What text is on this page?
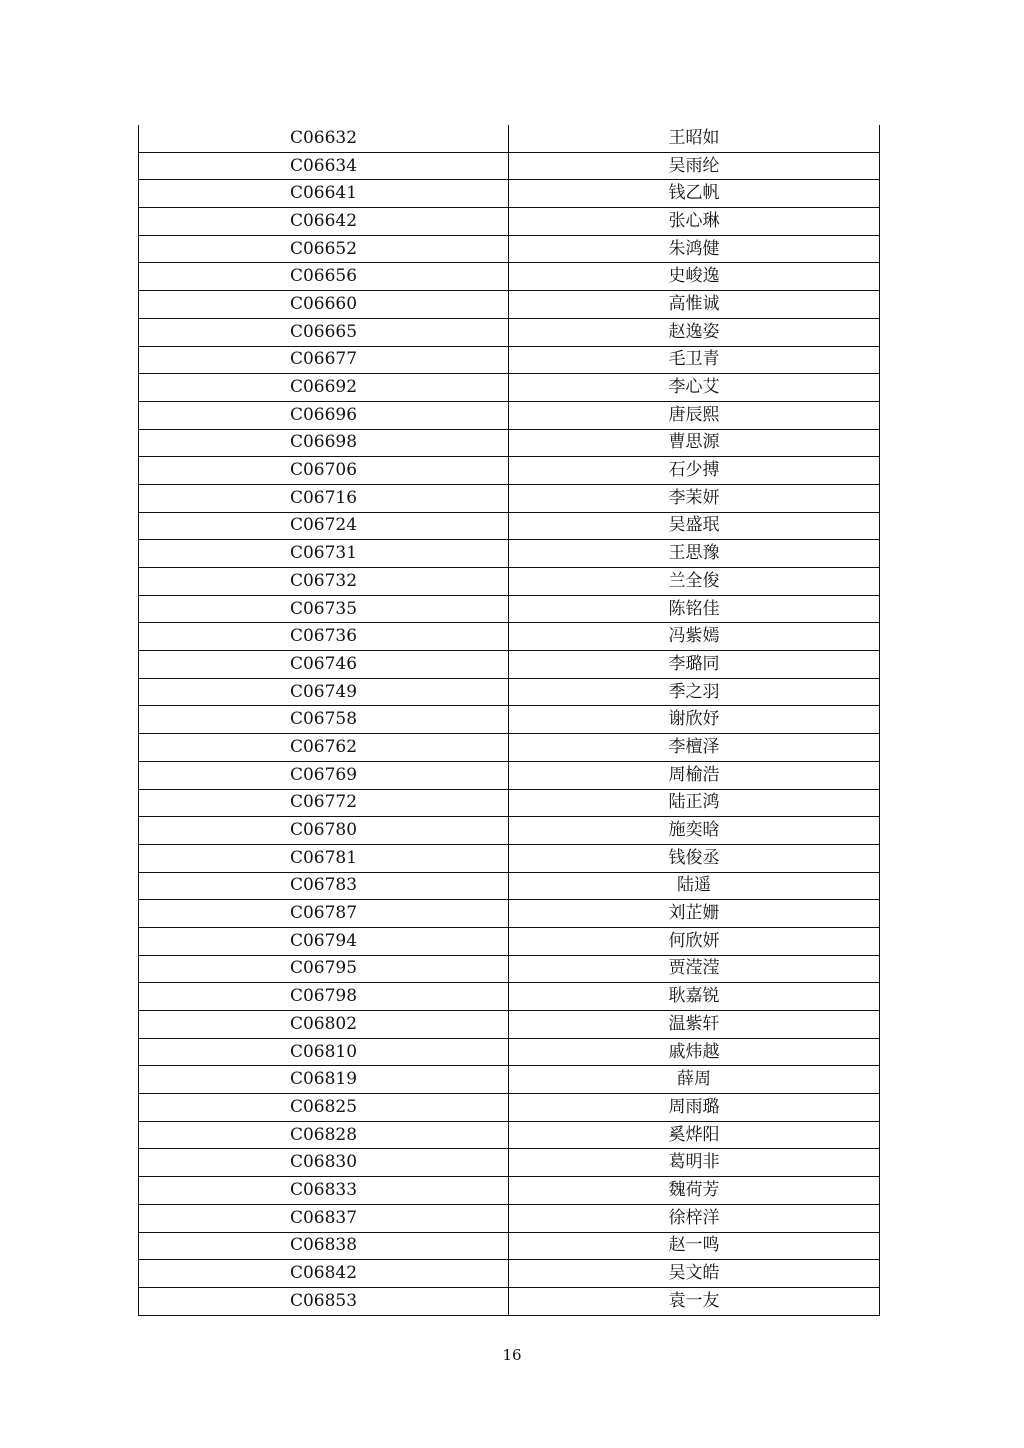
C06632	王昭如
C06634	吴雨纶
C06641	钱乙帆
C06642	张心琳
C06652	朱鸿健
C06656	史峻逸
C06660	高惟诚
C06665	赵逸姿
C06677	毛卫青
C06692	李心艾
C06696	唐辰熙
C06698	曹思源
C06706	石少搏
C06716	李茉妍
C06724	吴盛珉
C06731	王思豫
C06732	兰全俊
C06735	陈铭佳
C06736	冯紫嫣
C06746	李璐同
C06749	季之羽
C06758	谢欣妤
C06762	李檀泽
C06769	周榆浩
C06772	陆正鸿
C06780	施奕晗
C06781	钱俊丞
C06783	陆遥
C06787	刘芷姗
C06794	何欣妍
C06795	贾滢滢
C06798	耿嘉锐
C06802	温紫轩
C06810	戚炜越
C06819	薛周
C06825	周雨璐
C06828	奚烨阳
C06830	葛明非
C06833	魏荷芳
C06837	徐梓洋
C06838	赵一鸣
C06842	吴文皓
C06853	袁一友
16
